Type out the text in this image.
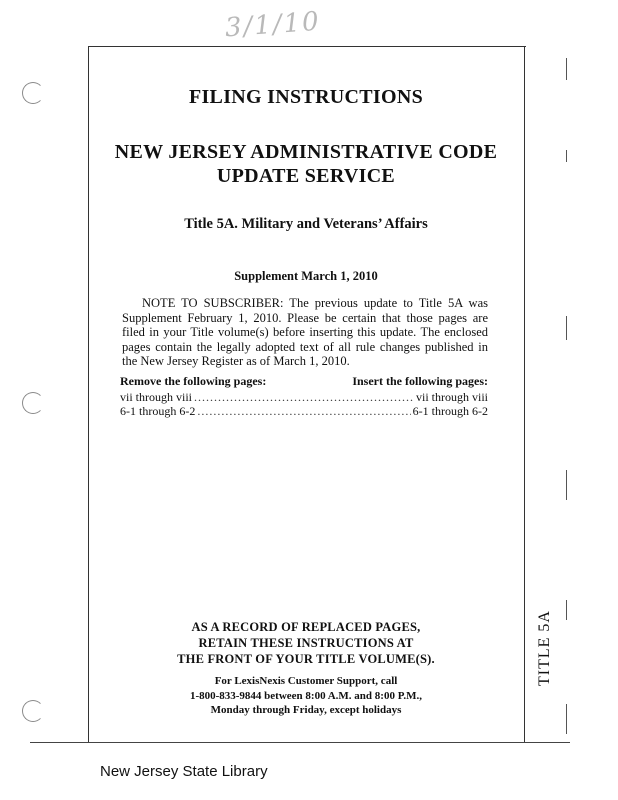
3/1/10
FILING INSTRUCTIONS
NEW JERSEY ADMINISTRATIVE CODE
UPDATE SERVICE
Title 5A. Military and Veterans’ Affairs
Supplement March 1, 2010
NOTE TO SUBSCRIBER: The previous update to Title 5A was Supplement February 1, 2010. Please be certain that those pages are filed in your Title volume(s) before inserting this update. The enclosed pages contain the legally adopted text of all rule changes published in the New Jersey Register as of March 1, 2010.
Remove the following pages:	Insert the following pages:
vii through viii .....	vii through viii
6-1 through 6-2 .....	6-1 through 6-2
AS A RECORD OF REPLACED PAGES,
RETAIN THESE INSTRUCTIONS AT
THE FRONT OF YOUR TITLE VOLUME(S).
For LexisNexis Customer Support, call
1-800-833-9844 between 8:00 A.M. and 8:00 P.M.,
Monday through Friday, except holidays
TITLE 5A
New Jersey State Library
